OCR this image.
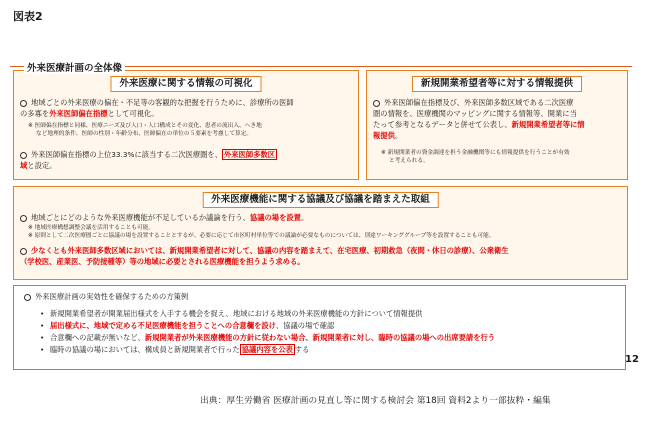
図表2
外来医療計画の全体像
外来医療に関する情報の可視化
地域ごとの外来医療の偏在・不足等の客観的な把握を行うために、診療所の医師
の多寡を外来医師偏在指標として可視化。
※ 医師偏在指標と同様、医療ニーズ及び人口・人口構成とその変化、患者の流出入、へき地
など地理的条件、医師の性別・年齢分布、医師偏在の単位の５要素を考慮して算定。
外来医師偏在指標の上位33.3%に該当する二次医療圏を、 外来医師多数区
域と設定。
新規開業希望者等に対する情報提供
外来医師偏在指標及び、外来医師多数区域である二次医療
圏の情報を、医療機関のマッピングに関する情報等、開業に当
たって参考となるデータと併せて公表し、新規開業希望者等に情
報提供。
※ 新規開業者の資金調達を担う金融機関等にも情報提供を行うことが有効
と考えられる。
外来医療機能に関する協議及び協議を踏まえた取組
地域ごとにどのような外来医療機能が不足しているか議論を行う、協議の場を設置。
※ 地域医療構想調整会議を活用することも可能。
※ 原則として二次医療圏ごとに協議の場を設置することとするが、必要に応じて市区町村単位等での議論が必要なものについては、別途ワーキンググループ等を設置することも可能。
少なくとも外来医師多数区域においては、新規開業希望者に対して、協議の内容を踏まえて、在宅医療、初期救急（夜間・休日の診療）、公衆衛生
（学校医、産業医、予防接種等）等の地域に必要とされる医療機能を担うよう求める。
外来医療計画の実効性を確保するための方策例
• 新規開業希望者が開業届出様式を入手する機会を捉え、地域における地域の外来医療機能の方針について情報提供
• 届出様式に、地域で定める不足医療機能を担うことへの合意欄を設け、協議の場で確認
• 合意欄への記載が無いなど、新規開業者が外来医療機能の方針に従わない場合、新規開業者に対し、臨時の協議の場への出席要請を行う
• 臨時の協議の場においては、構成員と新規開業者で行った 協議内容を公表 する
12
出典：厚生労働省 医療計画の見直し等に関する検討会 第18回 資料2より一部抜粋・編集
